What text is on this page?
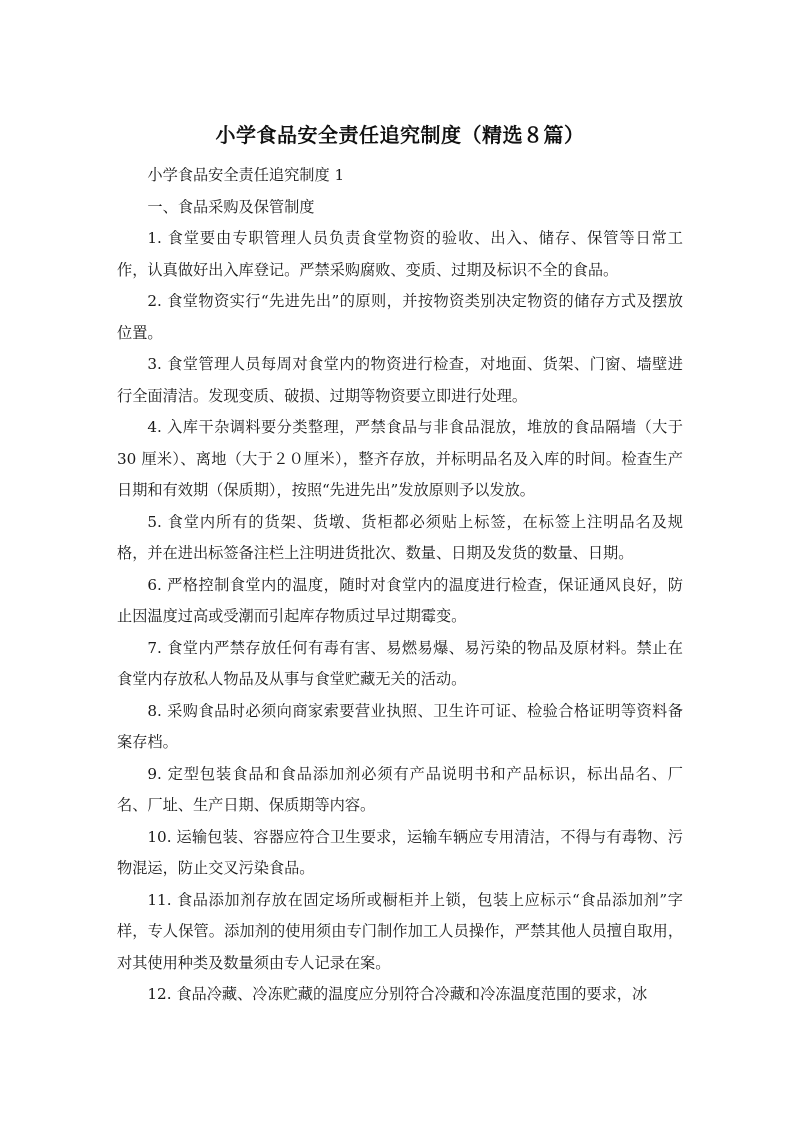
小学食品安全责任追究制度（精选８篇）

小学食品安全责任追究制度 1

一、食品采购及保管制度

1. 食堂要由专职管理人员负责食堂物资的验收、出入、储存、保管等日常工作，认真做好出入库登记。严禁采购腐败、变质、过期及标识不全的食品。

2. 食堂物资实行“先进先出”的原则，并按物资类别决定物资的储存方式及摆放位置。

3. 食堂管理人员每周对食堂内的物资进行检查，对地面、货架、门窗、墙壁进行全面清洁。发现变质、破损、过期等物资要立即进行处理。

4. 入库干杂调料要分类整理，严禁食品与非食品混放，堆放的食品隔墙（大于 30 厘米）、离地（大于２０厘米），整齐存放，并标明品名及入库的时间。检查生产日期和有效期（保质期），按照“先进先出”发放原则予以发放。

5. 食堂内所有的货架、货墩、货柜都必须贴上标签，在标签上注明品名及规格，并在进出标签备注栏上注明进货批次、数量、日期及发货的数量、日期。

6. 严格控制食堂内的温度，随时对食堂内的温度进行检查，保证通风良好，防止因温度过高或受潮而引起库存物质过早过期霉变。

7. 食堂内严禁存放任何有毒有害、易燃易爆、易污染的物品及原材料。禁止在食堂内存放私人物品及从事与食堂贮藏无关的活动。

8. 采购食品时必须向商家索要营业执照、卫生许可证、检验合格证明等资料备案存档。

9. 定型包装食品和食品添加剂必须有产品说明书和产品标识，标出品名、厂名、厂址、生产日期、保质期等内容。

10. 运输包装、容器应符合卫生要求，运输车辆应专用清洁，不得与有毒物、污物混运，防止交叉污染食品。

11. 食品添加剂存放在固定场所或橱柜并上锁，包装上应标示“食品添加剂”字样，专人保管。添加剂的使用须由专门制作加工人员操作，严禁其他人员擅自取用，对其使用种类及数量须由专人记录在案。

12. 食品冷藏、冷冻贮藏的温度应分别符合冷藏和冷冻温度范围的要求，冰
